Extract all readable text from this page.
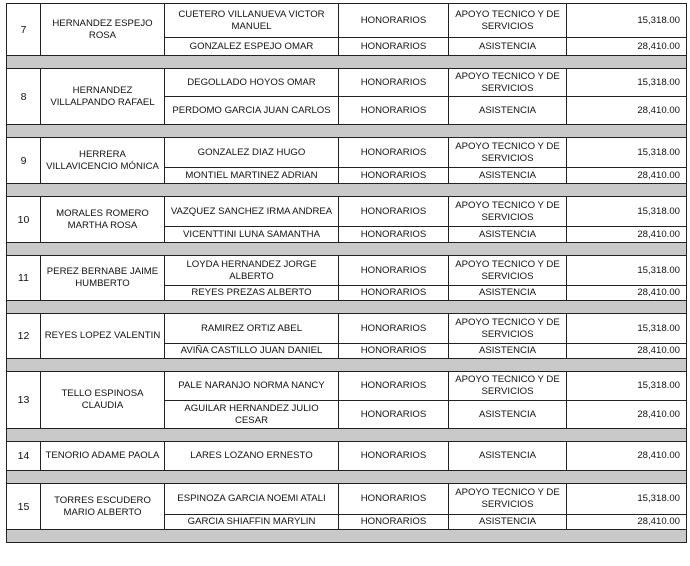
7	HERNANDEZ ESPEJO ROSA	CUETERO VILLANUEVA VICTOR MANUEL	HONORARIOS	APOYO TECNICO Y DE SERVICIOS	15,318.00
		GONZALEZ ESPEJO OMAR	HONORARIOS	ASISTENCIA	28,410.00

8	HERNANDEZ VILLALPANDO RAFAEL	DEGOLLADO HOYOS OMAR	HONORARIOS	APOYO TECNICO Y DE SERVICIOS	15,318.00
		PERDOMO GARCIA JUAN CARLOS	HONORARIOS	ASISTENCIA	28,410.00

9	HERRERA VILLAVICENCIO MÓNICA	GONZALEZ DIAZ HUGO	HONORARIOS	APOYO TECNICO Y DE SERVICIOS	15,318.00
		MONTIEL MARTINEZ ADRIAN	HONORARIOS	ASISTENCIA	28,410.00

10	MORALES ROMERO MARTHA ROSA	VAZQUEZ SANCHEZ IRMA ANDREA	HONORARIOS	APOYO TECNICO Y DE SERVICIOS	15,318.00
		VICENTTINI LUNA SAMANTHA	HONORARIOS	ASISTENCIA	28,410.00

11	PEREZ BERNABE JAIME HUMBERTO	LOYDA HERNANDEZ JORGE ALBERTO	HONORARIOS	APOYO TECNICO Y DE SERVICIOS	15,318.00
		REYES PREZAS ALBERTO	HONORARIOS	ASISTENCIA	28,410.00

12	REYES LOPEZ VALENTIN	RAMIREZ ORTIZ ABEL	HONORARIOS	APOYO TECNICO Y DE SERVICIOS	15,318.00
		AVIÑA CASTILLO JUAN DANIEL	HONORARIOS	ASISTENCIA	28,410.00

13	TELLO ESPINOSA CLAUDIA	PALE NARANJO NORMA NANCY	HONORARIOS	APOYO TECNICO Y DE SERVICIOS	15,318.00
		AGUILAR HERNANDEZ JULIO CESAR	HONORARIOS	ASISTENCIA	28,410.00

14	TENORIO ADAME PAOLA	LARES LOZANO ERNESTO	HONORARIOS	ASISTENCIA	28,410.00

15	TORRES ESCUDERO MARIO ALBERTO	ESPINOZA GARCIA NOEMI ATALI	HONORARIOS	APOYO TECNICO Y DE SERVICIOS	15,318.00
		GARCIA SHIAFFIN MARYLIN	HONORARIOS	ASISTENCIA	28,410.00
